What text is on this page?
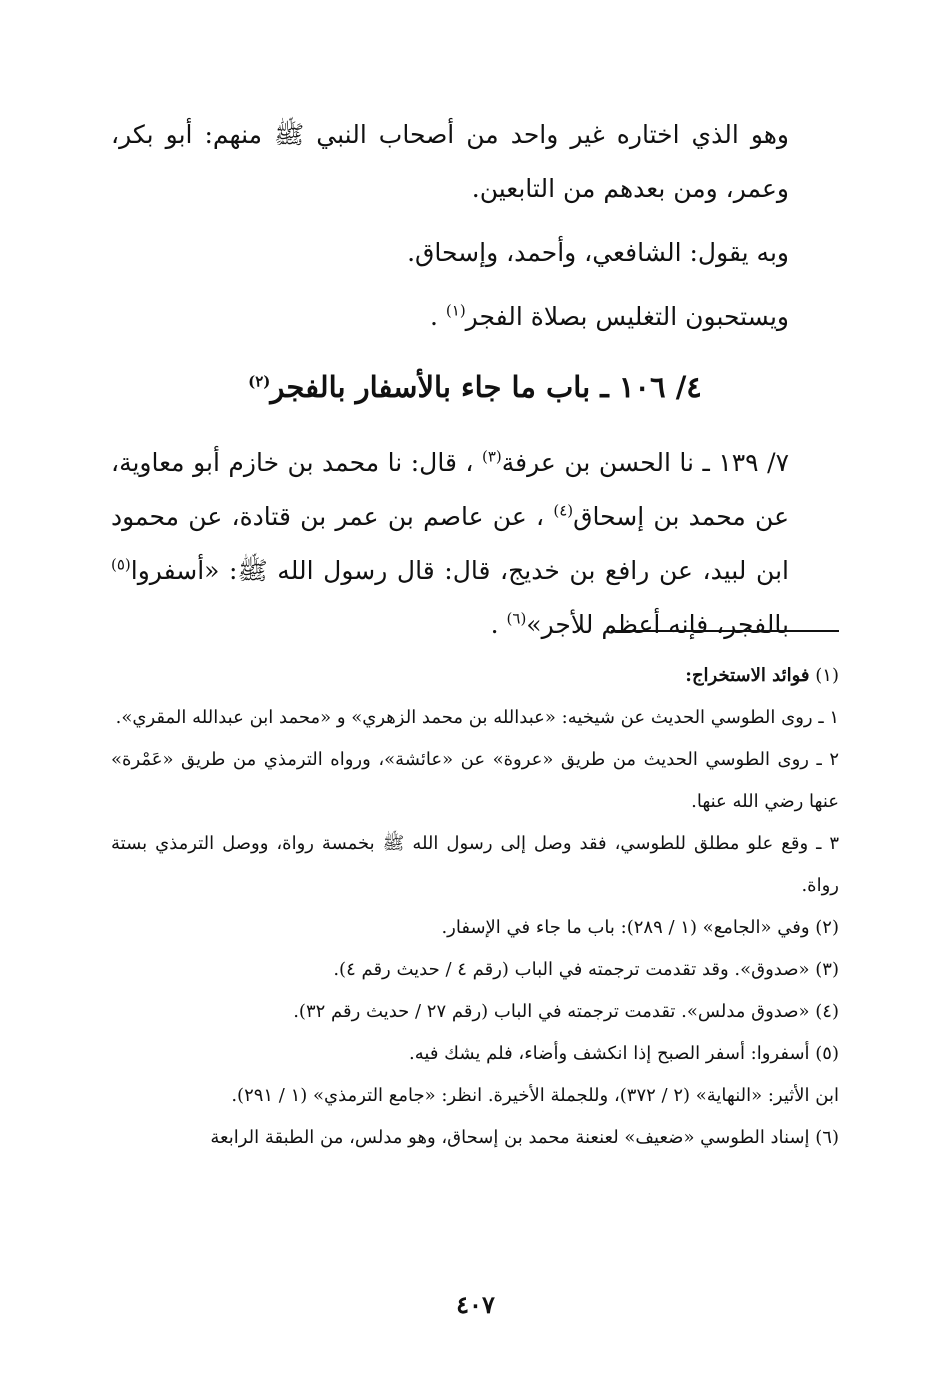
وهو الذي اختاره غير واحد من أصحاب النبي ﷺ منهم: أبو بكر، وعمر، ومن بعدهم من التابعين.

وبه يقول: الشافعي، وأحمد، وإسحاق.

ويستحبون التغليس بصلاة الفجر$^{(١)}$ .

٤/ ١٠٦ ـ باب ما جاء بالأسفار بالفجر$^{(٢)}$

٧/ ١٣٩ ـ نا الحسن بن عرفة$^{(٣)}$ ، قال: نا محمد بن خازم أبو معاوية، عن محمد بن إسحاق$^{(٤)}$ ، عن عاصم بن عمر بن قتادة، عن محمود ابن لبيد، عن رافع بن خديج، قال: قال رسول الله ﷺ: «أسفروا$^{(٥)}$ بالفجر، فإنه أعظم للأجر»$^{(٦)}$ .

(١) فوائد الاستخراج:

١ ـ روى الطوسي الحديث عن شيخيه: «عبدالله بن محمد الزهري» و «محمد ابن عبدالله المقري».

٢ ـ روى الطوسي الحديث من طريق «عروة» عن «عائشة»، ورواه الترمذي من طريق «عَمْرة» عنها رضي الله عنها.

٣ ـ وقع علو مطلق للطوسي، فقد وصل إلى رسول الله ﷺ بخمسة رواة، ووصل الترمذي بستة رواة.

(٢) وفي «الجامع» (١ / ٢٨٩): باب ما جاء في الإسفار.

(٣) «صدوق». وقد تقدمت ترجمته في الباب (رقم ٤ / حديث رقم ٤).

(٤) «صدوق مدلس». تقدمت ترجمته في الباب (رقم ٢٧ / حديث رقم ٣٢).

(٥) أسفروا: أسفر الصبح إذا انكشف وأضاء، فلم يشك فيه.

ابن الأثير: «النهاية» (٢ / ٣٧٢)، وللجملة الأخيرة. انظر: «جامع الترمذي» (١ / ٢٩١).

(٦) إسناد الطوسي «ضعيف» لعنعنة محمد بن إسحاق، وهو مدلس، من الطبقة الرابعة

٤٠٧
